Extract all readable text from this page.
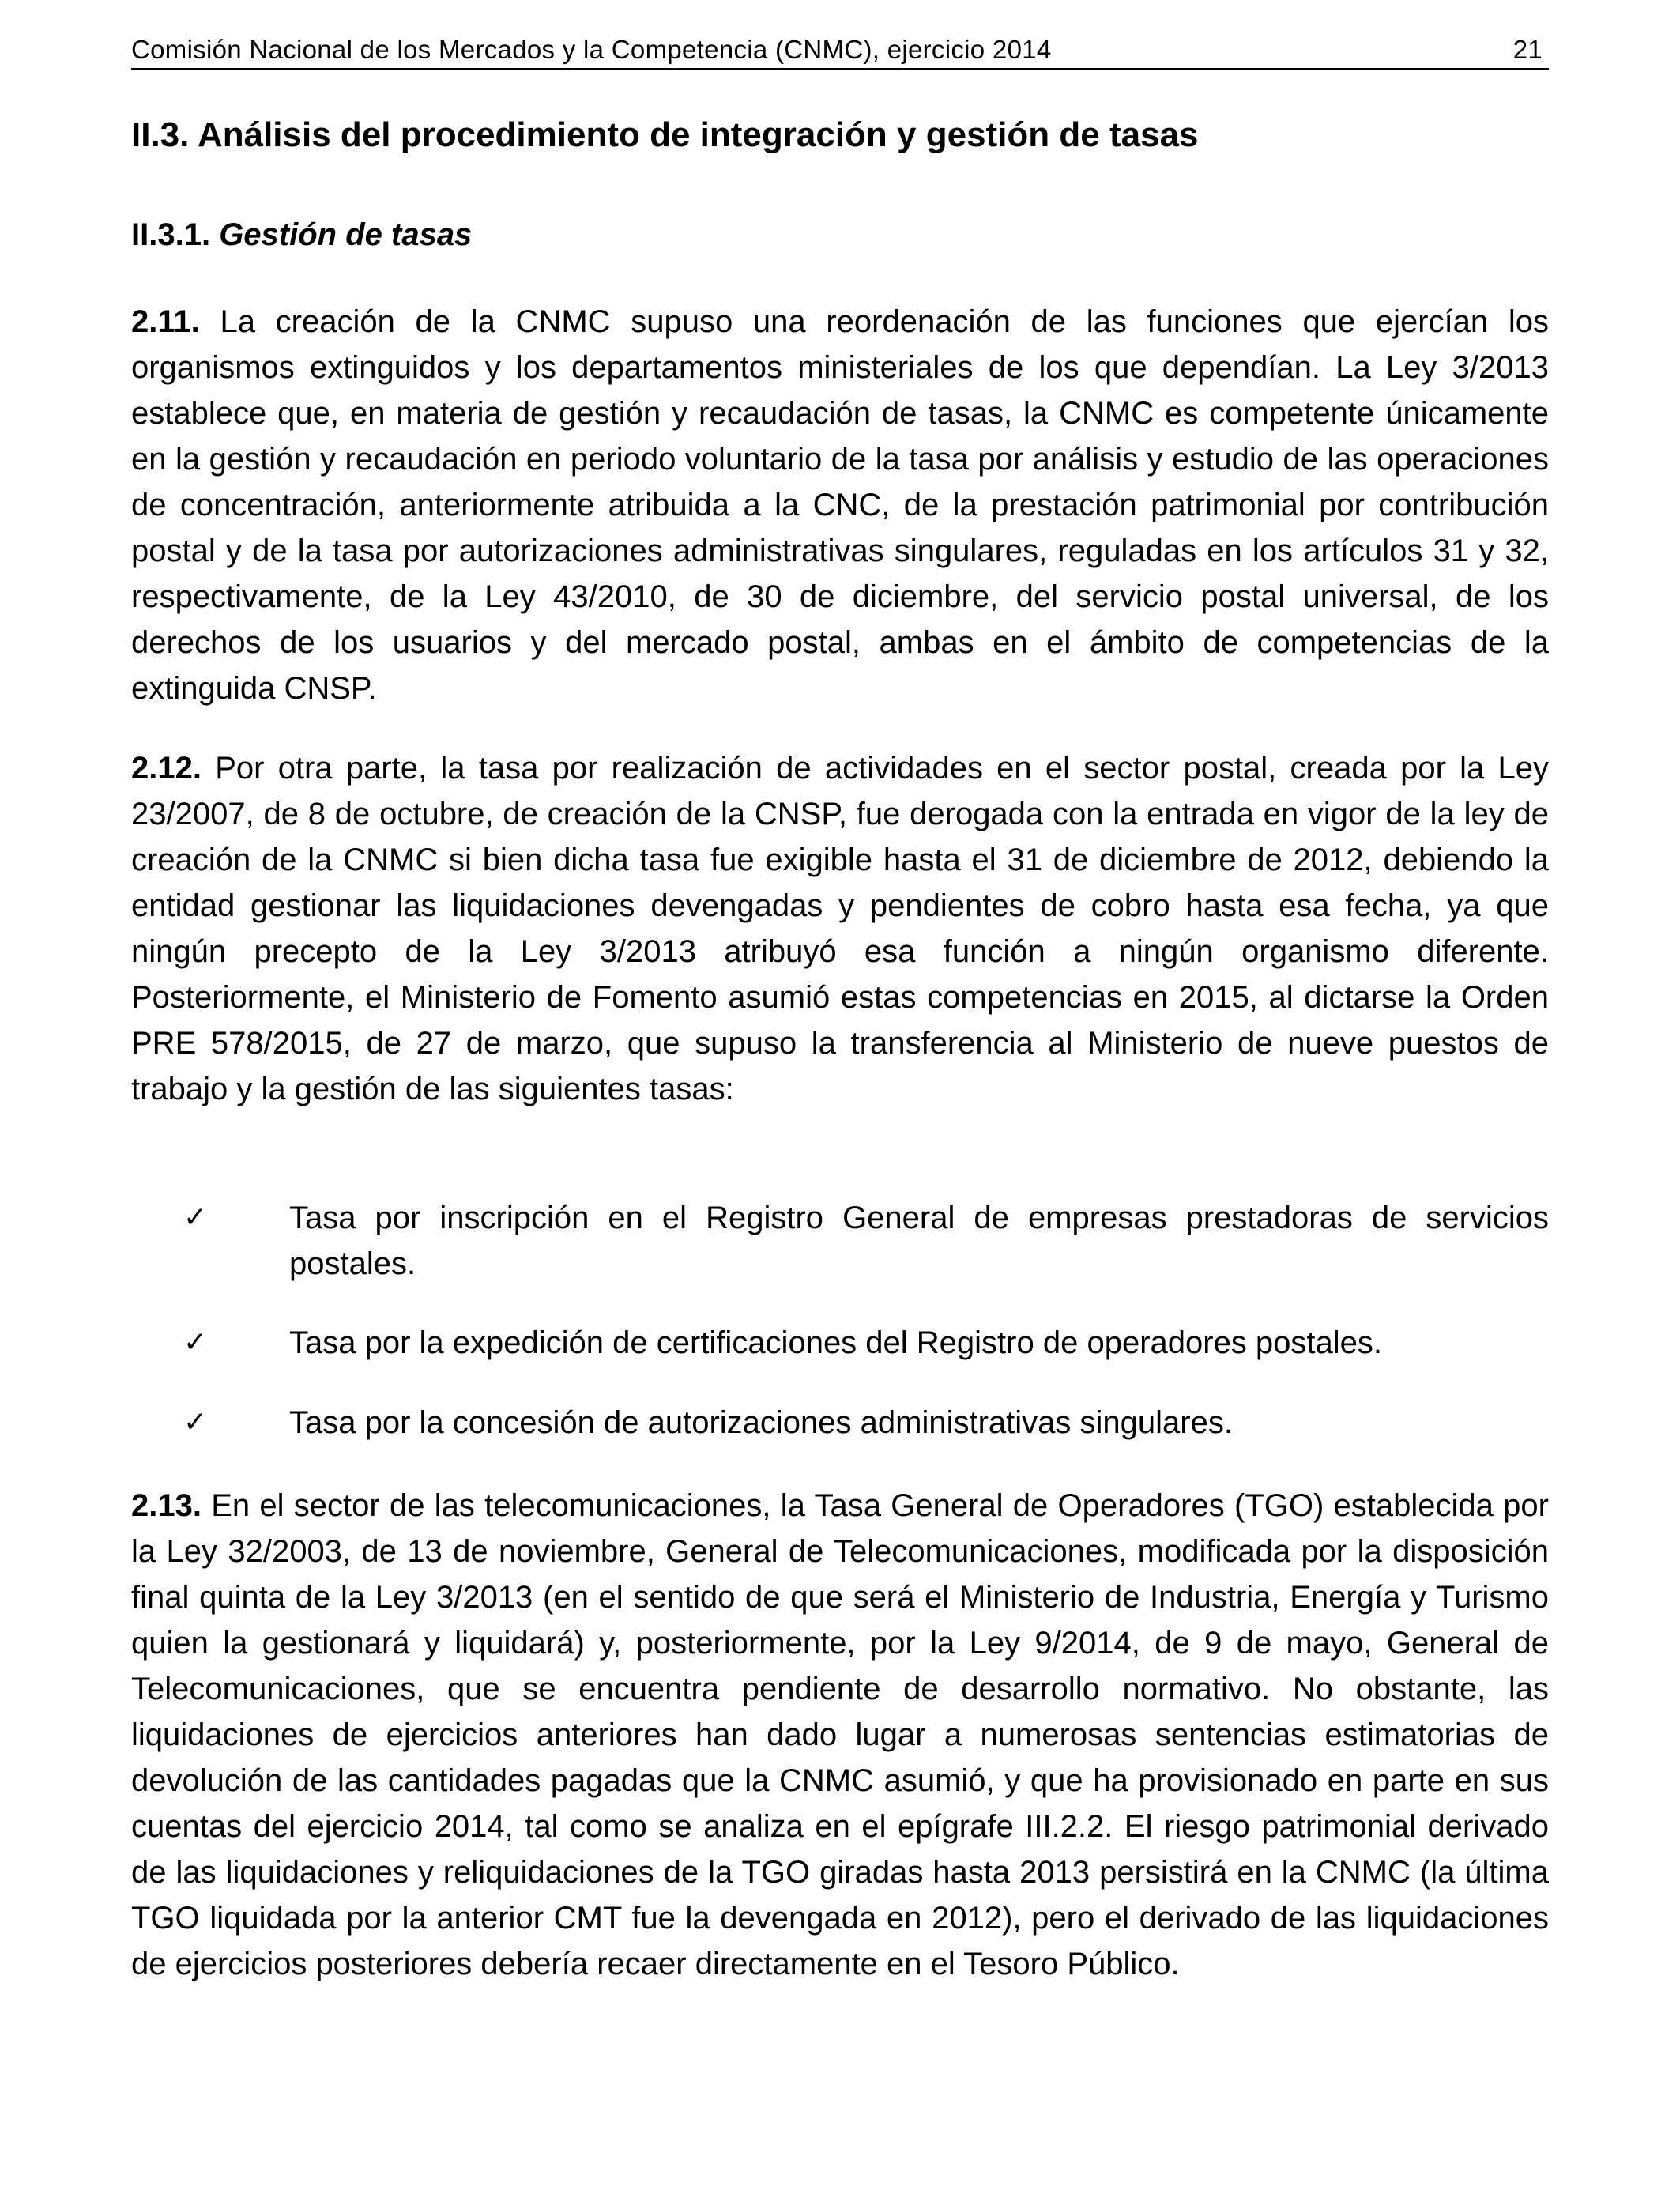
Comisión Nacional de los Mercados y la Competencia (CNMC), ejercicio 2014	21
II.3. Análisis del procedimiento de integración y gestión de tasas
II.3.1. Gestión de tasas

2.11. La creación de la CNMC supuso una reordenación de las funciones que ejercían los organismos extinguidos y los departamentos ministeriales de los que dependían. La Ley 3/2013 establece que, en materia de gestión y recaudación de tasas, la CNMC es competente únicamente en la gestión y recaudación en periodo voluntario de la tasa por análisis y estudio de las operaciones de concentración, anteriormente atribuida a la CNC, de la prestación patrimonial por contribución postal y de la tasa por autorizaciones administrativas singulares, reguladas en los artículos 31 y 32, respectivamente, de la Ley 43/2010, de 30 de diciembre, del servicio postal universal, de los derechos de los usuarios y del mercado postal, ambas en el ámbito de competencias de la extinguida CNSP.

2.12. Por otra parte, la tasa por realización de actividades en el sector postal, creada por la Ley 23/2007, de 8 de octubre, de creación de la CNSP, fue derogada con la entrada en vigor de la ley de creación de la CNMC si bien dicha tasa fue exigible hasta el 31 de diciembre de 2012, debiendo la entidad gestionar las liquidaciones devengadas y pendientes de cobro hasta esa fecha, ya que ningún precepto de la Ley 3/2013 atribuyó esa función a ningún organismo diferente. Posteriormente, el Ministerio de Fomento asumió estas competencias en 2015, al dictarse la Orden PRE 578/2015, de 27 de marzo, que supuso la transferencia al Ministerio de nueve puestos de trabajo y la gestión de las siguientes tasas:

✓	Tasa por inscripción en el Registro General de empresas prestadoras de servicios postales.
✓	Tasa por la expedición de certificaciones del Registro de operadores postales.
✓	Tasa por la concesión de autorizaciones administrativas singulares.

2.13. En el sector de las telecomunicaciones, la Tasa General de Operadores (TGO) establecida por la Ley 32/2003, de 13 de noviembre, General de Telecomunicaciones, modificada por la disposición final quinta de la Ley 3/2013 (en el sentido de que será el Ministerio de Industria, Energía y Turismo quien la gestionará y liquidará) y, posteriormente, por la Ley 9/2014, de 9 de mayo, General de Telecomunicaciones, que se encuentra pendiente de desarrollo normativo. No obstante, las liquidaciones de ejercicios anteriores han dado lugar a numerosas sentencias estimatorias de devolución de las cantidades pagadas que la CNMC asumió, y que ha provisionado en parte en sus cuentas del ejercicio 2014, tal como se analiza en el epígrafe III.2.2. El riesgo patrimonial derivado de las liquidaciones y reliquidaciones de la TGO giradas hasta 2013 persistirá en la CNMC (la última TGO liquidada por la anterior CMT fue la devengada en 2012), pero el derivado de las liquidaciones de ejercicios posteriores debería recaer directamente en el Tesoro Público.
